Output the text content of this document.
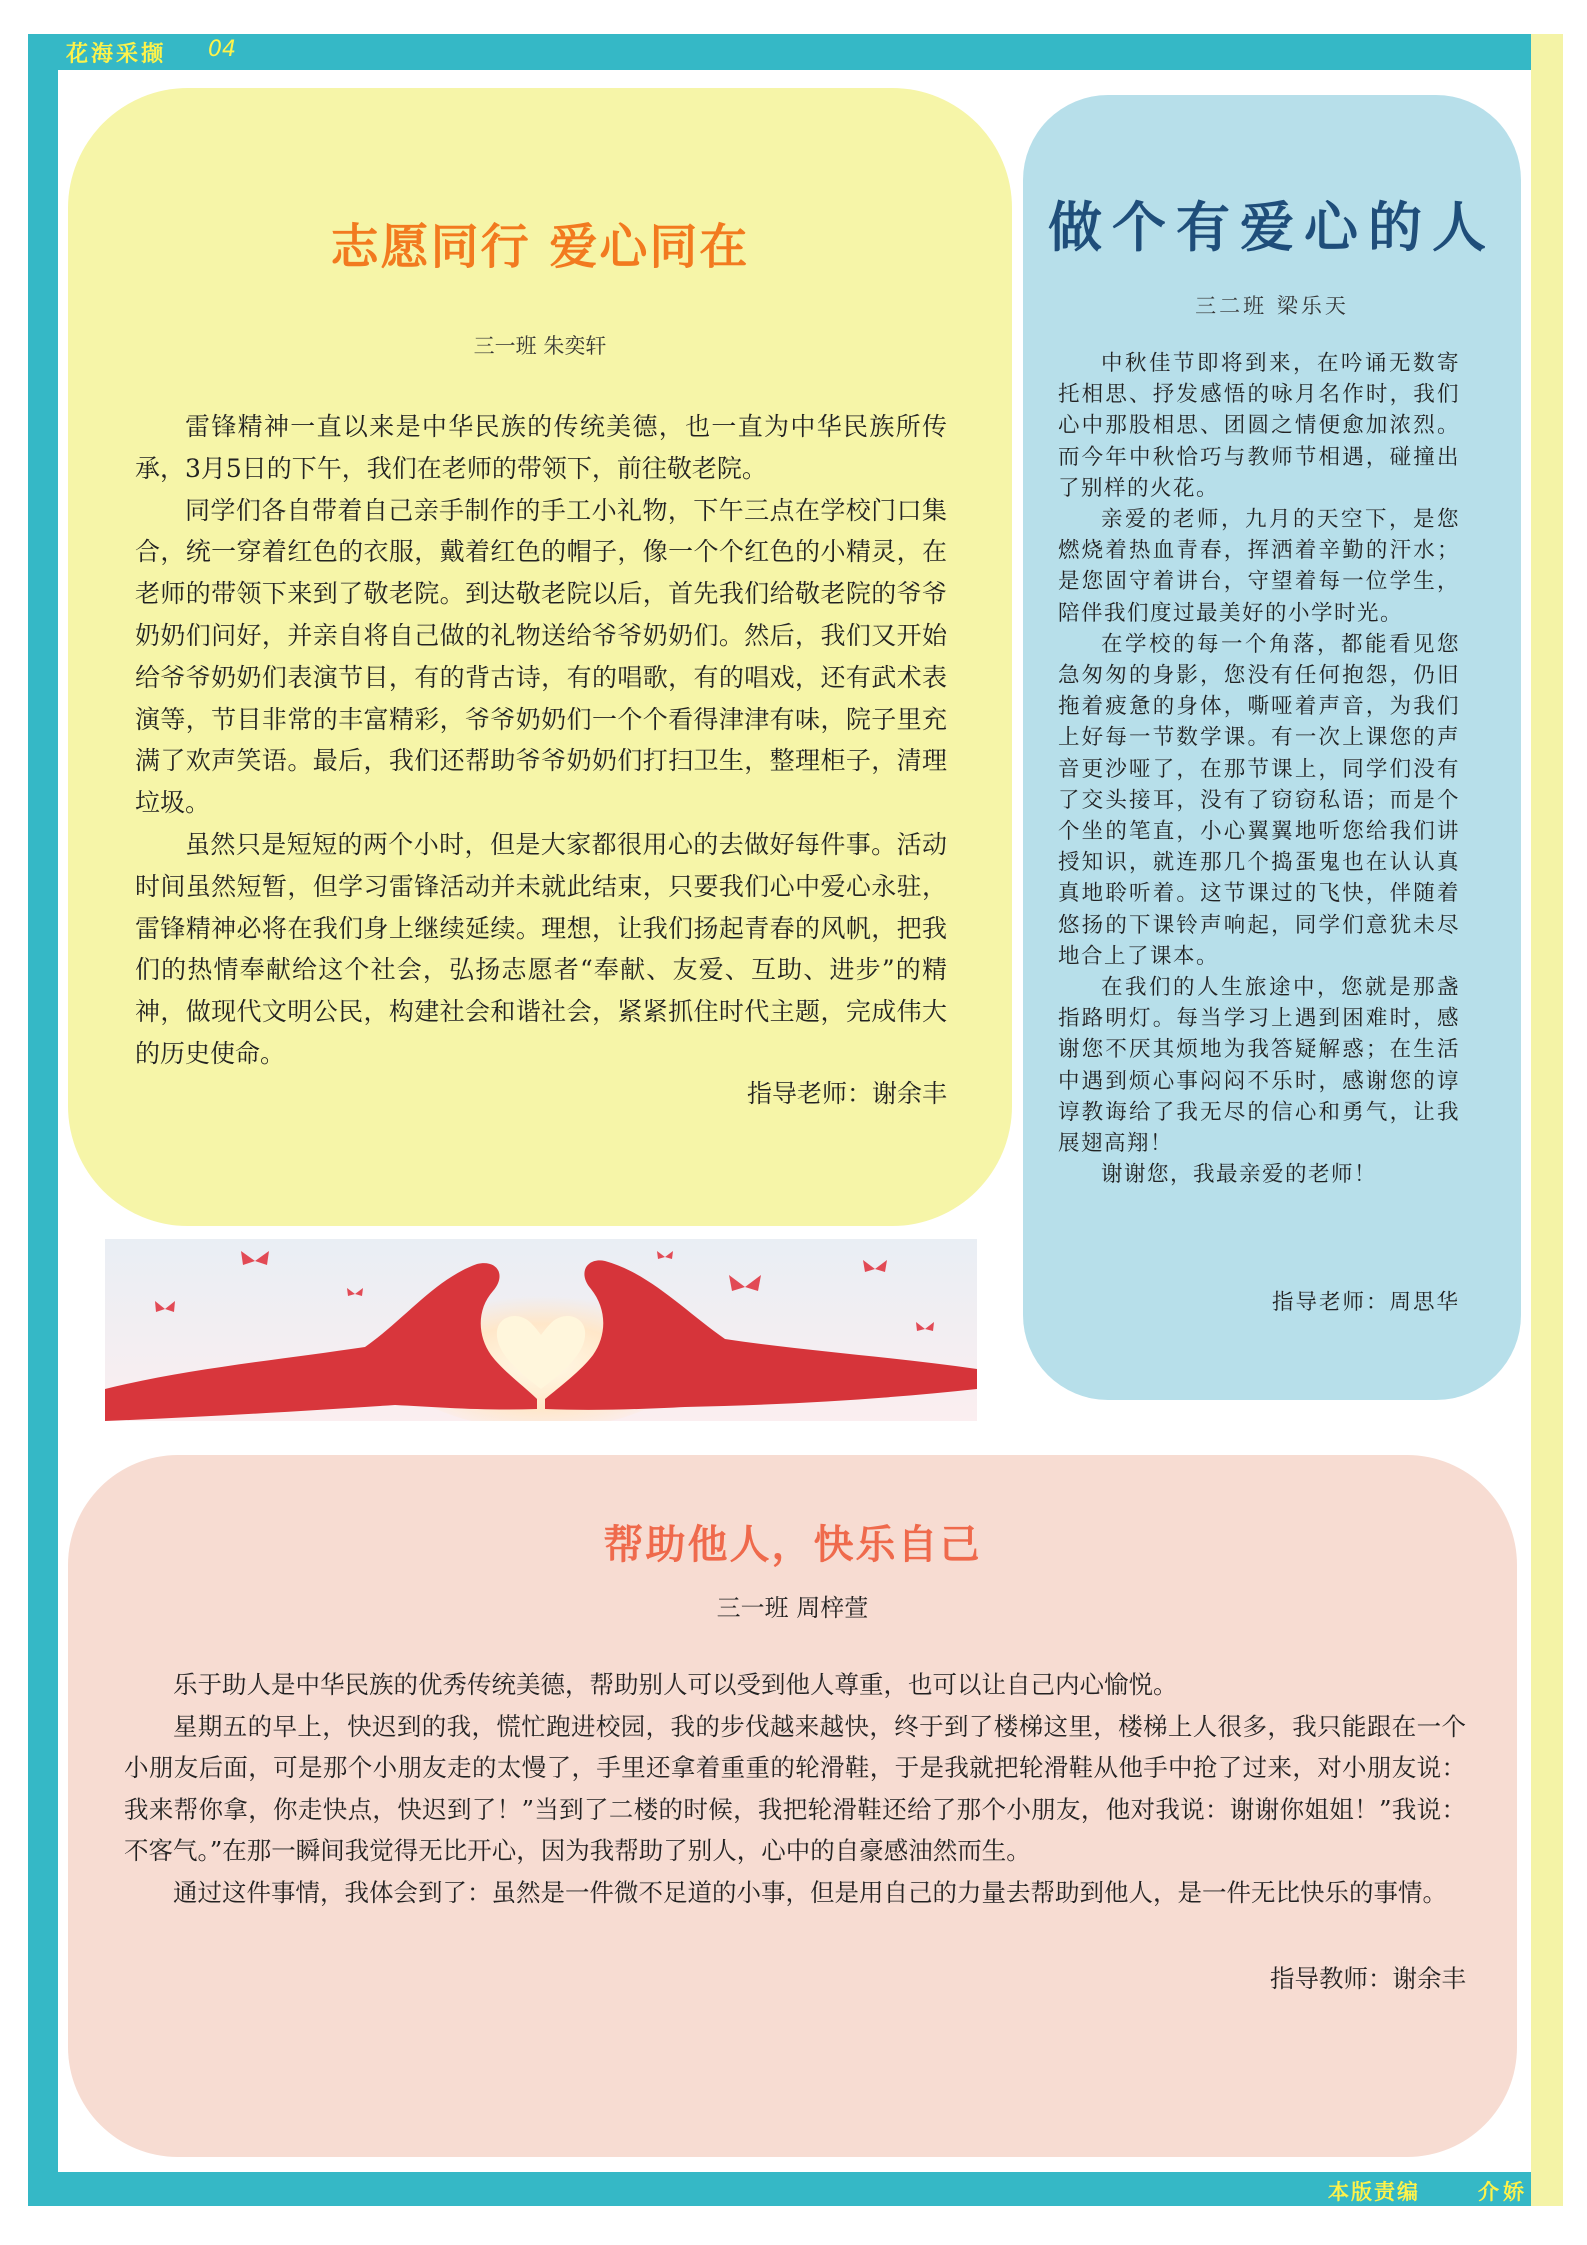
花海采撷 04
志愿同行 爱心同在
三一班 朱奕轩

雷锋精神一直以来是中华民族的传统美德，也一直为中华民族所传承，3月5日的下午，我们在老师的带领下，前往敬老院。

同学们各自带着自己亲手制作的手工小礼物，下午三点在学校门口集合，统一穿着红色的衣服，戴着红色的帽子，像一个个红色的小精灵，在老师的带领下来到了敬老院。到达敬老院以后，首先我们给敬老院的爷爷奶奶们问好，并亲自将自己做的礼物送给爷爷奶奶们。然后，我们又开始给爷爷奶奶们表演节目，有的背古诗，有的唱歌，有的唱戏，还有武术表演等，节目非常的丰富精彩，爷爷奶奶们一个个看得津津有味，院子里充满了欢声笑语。最后，我们还帮助爷爷奶奶们打扫卫生，整理柜子，清理垃圾。

虽然只是短短的两个小时，但是大家都很用心的去做好每件事。活动时间虽然短暂，但学习雷锋活动并未就此结束，只要我们心中爱心永驻，雷锋精神必将在我们身上继续延续。理想，让我们扬起青春的风帆，把我们的热情奉献给这个社会，弘扬志愿者“奉献、友爱、互助、进步”的精神，做现代文明公民，构建社会和谐社会，紧紧抓住时代主题，完成伟大的历史使命。

指导老师：谢余丰
做个有爱心的人
三二班 梁乐天

中秋佳节即将到来，在吟诵无数寄托相思、抒发感悟的咏月名作时，我们心中那股相思、团圆之情便愈加浓烈。而今年中秋恰巧与教师节相遇，碰撞出了别样的火花。

亲爱的老师，九月的天空下，是您燃烧着热血青春，挥洒着辛勤的汗水；是您固守着讲台，守望着每一位学生，陪伴我们度过最美好的小学时光。

在学校的每一个角落，都能看见您急匆匆的身影，您没有任何抱怨，仍旧拖着疲惫的身体，嘶哑着声音，为我们上好每一节数学课。有一次上课您的声音更沙哑了，在那节课上，同学们没有了交头接耳，没有了窃窃私语；而是个个坐的笔直，小心翼翼地听您给我们讲授知识，就连那几个捣蛋鬼也在认认真真地聆听着。这节课过的飞快，伴随着悠扬的下课铃声响起，同学们意犹未尽地合上了课本。

在我们的人生旅途中，您就是那盏指路明灯。每当学习上遇到困难时，感谢您不厌其烦地为我答疑解惑；在生活中遇到烦心事闷闷不乐时，感谢您的谆谆教诲给了我无尽的信心和勇气，让我展翅高翔！

谢谢您，我最亲爱的老师！

指导老师：周思华
帮助他人，快乐自己
三一班 周梓萱

乐于助人是中华民族的优秀传统美德，帮助别人可以受到他人尊重，也可以让自己内心愉悦。

星期五的早上，快迟到的我，慌忙跑进校园，我的步伐越来越快，终于到了楼梯这里，楼梯上人很多，我只能跟在一个小朋友后面，可是那个小朋友走的太慢了，手里还拿着重重的轮滑鞋，于是我就把轮滑鞋从他手中抢了过来，对小朋友说：我来帮你拿，你走快点，快迟到了！”当到了二楼的时候，我把轮滑鞋还给了那个小朋友，他对我说：谢谢你姐姐！”我说：不客气。”在那一瞬间我觉得无比开心，因为我帮助了别人，心中的自豪感油然而生。

通过这件事情，我体会到了：虽然是一件微不足道的小事，但是用自己的力量去帮助到他人，是一件无比快乐的事情。

指导教师：谢余丰
本版责编	介娇
